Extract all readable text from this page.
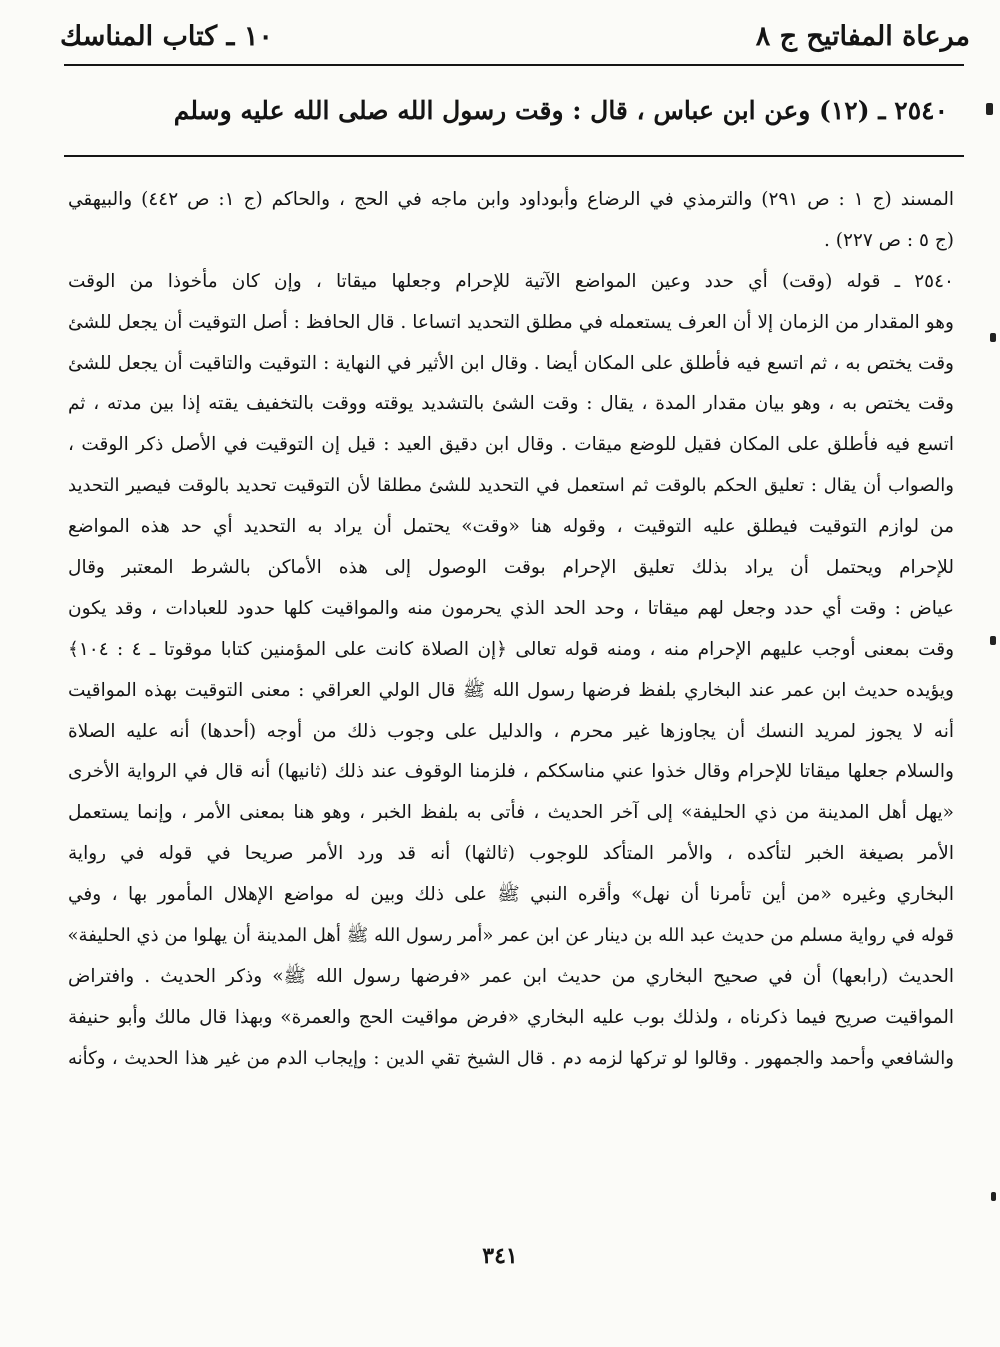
مرعاة المفاتيح ج ٨
١٠ ـ كتاب المناسك
٢٥٤٠ ـ (١٢) وعن ابن عباس ، قال : وقت رسول الله صلى الله عليه وسلم
المسند (ج ١ : ص ٢٩١) والترمذي في الرضاع وأبوداود وابن ماجه في الحج ، والحاكم (ج ١: ص ٤٤٢) والبيهقي
(ج ٥ : ص ٢٢٧) .
٢٥٤٠ ـ قوله (وقت) أي حدد وعين المواضع الآتية للإحرام وجعلها ميقاتا ، وإن كان مأخوذا من الوقت
وهو المقدار من الزمان إلا أن العرف يستعمله في مطلق التحديد اتساعا . قال الحافظ : أصل التوقيت أن يجعل للشئ
وقت يختص به ، ثم اتسع فيه فأطلق على المكان أيضا . وقال ابن الأثير في النهاية : التوقيت والتاقيت أن يجعل للشئ
وقت يختص به ، وهو بيان مقدار المدة ، يقال : وقت الشئ بالتشديد يوقته ووقت بالتخفيف يقته إذا بين مدته ، ثم
اتسع فيه فأطلق على المكان فقيل للوضع ميقات . وقال ابن دقيق العيد : قيل إن التوقيت في الأصل ذكر الوقت ،
والصواب أن يقال : تعليق الحكم بالوقت ثم استعمل في التحديد للشئ مطلقا لأن التوقيت تحديد بالوقت فيصير التحديد
من لوازم التوقيت فيطلق عليه التوقيت ، وقوله هنا «وقت» يحتمل أن يراد به التحديد أي حد هذه المواضع
للإحرام ويحتمل أن يراد بذلك تعليق الإحرام بوقت الوصول إلى هذه الأماكن بالشرط المعتبر وقال
عياض : وقت أي حدد وجعل لهم ميقاتا ، وحد الحد الذي يحرمون منه والمواقيت كلها حدود للعبادات ، وقد يكون
وقت بمعنى أوجب عليهم الإحرام منه ، ومنه قوله تعالى ﴿إن الصلاة كانت على المؤمنين كتابا موقوتا ـ ٤ : ١٠٤﴾
ويؤيده حديث ابن عمر عند البخاري بلفظ فرضها رسول الله ﷺ قال الولي العراقي : معنى التوقيت بهذه المواقيت
أنه لا يجوز لمريد النسك أن يجاوزها غير محرم ، والدليل على وجوب ذلك من أوجه (أحدها) أنه عليه الصلاة
والسلام جعلها ميقاتا للإحرام وقال خذوا عني مناسككم ، فلزمنا الوقوف عند ذلك (ثانيها) أنه قال في الرواية الأخرى
«يهل أهل المدينة من ذي الحليفة» إلى آخر الحديث ، فأتى به بلفظ الخبر ، وهو هنا بمعنى الأمر ، وإنما يستعمل
الأمر بصيغة الخبر لتأكده ، والأمر المتأكد للوجوب (ثالثها) أنه قد ورد الأمر صريحا في قوله في رواية
البخاري وغيره «من أين تأمرنا أن نهل» وأقره النبي ﷺ على ذلك وبين له مواضع الإهلال المأمور بها ، وفي
قوله في رواية مسلم من حديث عبد الله بن دينار عن ابن عمر «أمر رسول الله ﷺ أهل المدينة أن يهلوا من ذي الحليفة»
الحديث (رابعها) أن في صحيح البخاري من حديث ابن عمر «فرضها رسول الله ﷺ» وذكر الحديث . وافتراض
المواقيت صريح فيما ذكرناه ، ولذلك بوب عليه البخاري «فرض مواقيت الحج والعمرة» وبهذا قال مالك وأبو حنيفة
والشافعي وأحمد والجمهور . وقالوا لو تركها لزمه دم . قال الشيخ تقي الدين : وإيجاب الدم من غير هذا الحديث ، وكأنه
٣٤١
